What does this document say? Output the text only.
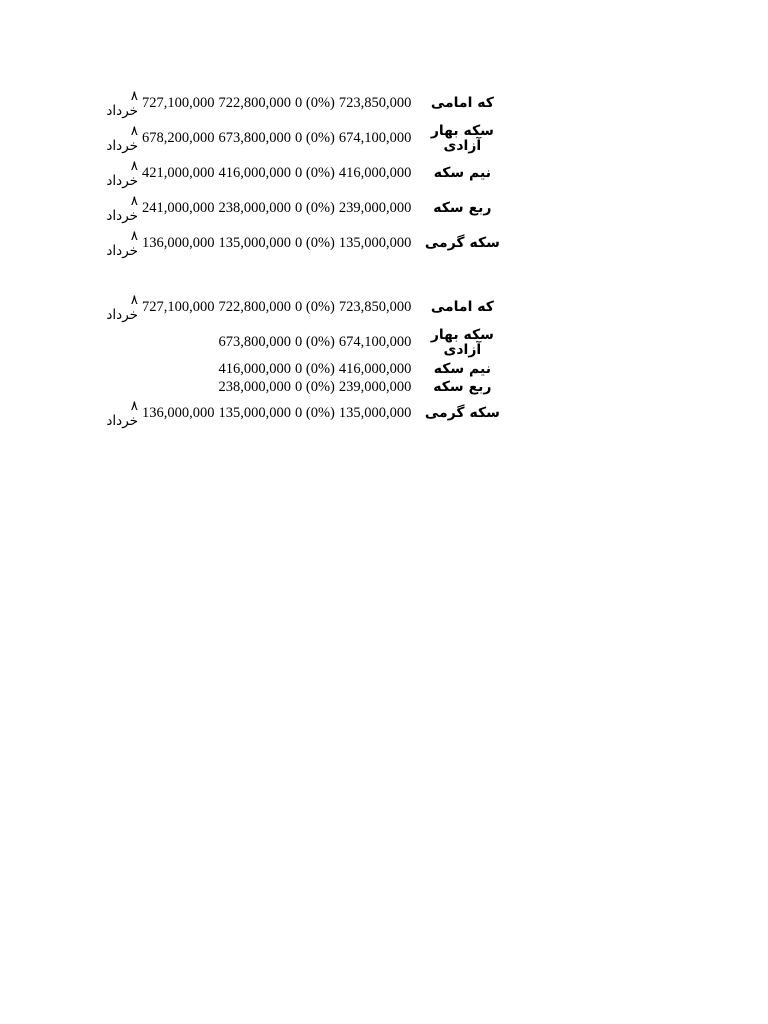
که امامی	723,850,000	0 (0%)	722,800,000	727,100,000	۸
خرداد

سکه بهار آزادی	674,100,000	0 (0%)	673,800,000	678,200,000	۸
خرداد

نیم سکه	416,000,000	0 (0%)	416,000,000	421,000,000	۸
خرداد

ربع سکه	239,000,000	0 (0%)	238,000,000	241,000,000	۸
خرداد

سکه گرمی	135,000,000	0 (0%)	135,000,000	136,000,000	۸
خرداد
که امامی	723,850,000	0 (0%)	722,800,000	727,100,000	۸
خرداد

سکه بهار آزادی	674,100,000	0 (0%)	673,800,000		

نیم سکه	416,000,000	0 (0%)	416,000,000		

ربع سکه	239,000,000	0 (0%)	238,000,000		

سکه گرمی	135,000,000	0 (0%)	135,000,000	136,000,000	۸
خرداد
